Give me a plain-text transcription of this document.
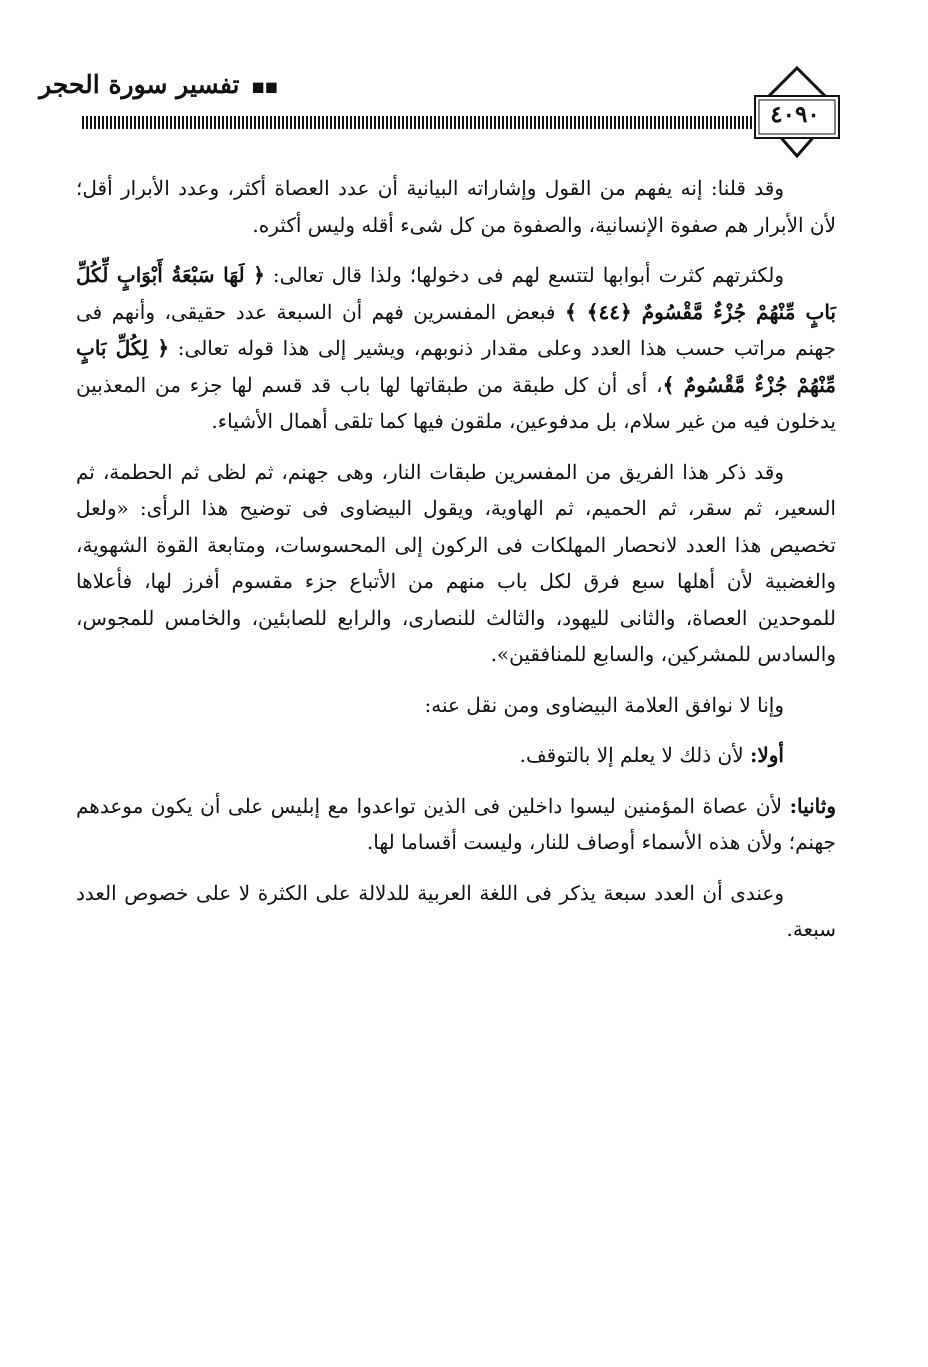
◼◼تفسير سورة الحجر
٤٠٩٠

وقد قلنا: إنه يفهم من القول وإشاراته البيانية أن عدد العصاة أكثر، وعدد الأبرار أقل؛ لأن الأبرار هم صفوة الإنسانية، والصفوة من كل شىء أقله وليس أكثره.

ولكثرتهم كثرت أبوابها لتتسع لهم فى دخولها؛ ولذا قال تعالى: ﴿ لَهَا سَبْعَةُ أَبْوَابٍ لِّكُلِّ بَابٍ مِّنْهُمْ جُزْءٌ مَّقْسُومٌ ﴿٤٤﴾ ﴾ فبعض المفسرين فهم أن السبعة عدد حقيقى، وأنهم فى جهنم مراتب حسب هذا العدد وعلى مقدار ذنوبهم، ويشير إلى هذا قوله تعالى: ﴿ لِكُلِّ بَابٍ مِّنْهُمْ جُزْءٌ مَّقْسُومٌ ﴾، أى أن كل طبقة من طبقاتها لها باب قد قسم لها جزء من المعذبين يدخلون فيه من غير سلام، بل مدفوعين، ملقون فيها كما تلقى أهمال الأشياء.

وقد ذكر هذا الفريق من المفسرين طبقات النار، وهى جهنم، ثم لظى ثم الحطمة، ثم السعير، ثم سقر، ثم الحميم، ثم الهاوية، ويقول البيضاوى فى توضيح هذا الرأى: «ولعل تخصيص هذا العدد لانحصار المهلكات فى الركون إلى المحسوسات، ومتابعة القوة الشهوية، والغضبية لأن أهلها سبع فرق لكل باب منهم من الأتباع جزء مقسوم أفرز لها، فأعلاها للموحدين العصاة، والثانى لليهود، والثالث للنصارى، والرابع للصابئين، والخامس للمجوس، والسادس للمشركين، والسابع للمنافقين».

وإنا لا نوافق العلامة البيضاوى ومن نقل عنه:

أولا: لأن ذلك لا يعلم إلا بالتوقف.

وثانيا: لأن عصاة المؤمنين ليسوا داخلين فى الذين تواعدوا مع إبليس على أن يكون موعدهم جهنم؛ ولأن هذه الأسماء أوصاف للنار، وليست أقساما لها.

وعندى أن العدد سبعة يذكر فى اللغة العربية للدلالة على الكثرة لا على خصوص العدد سبعة.
